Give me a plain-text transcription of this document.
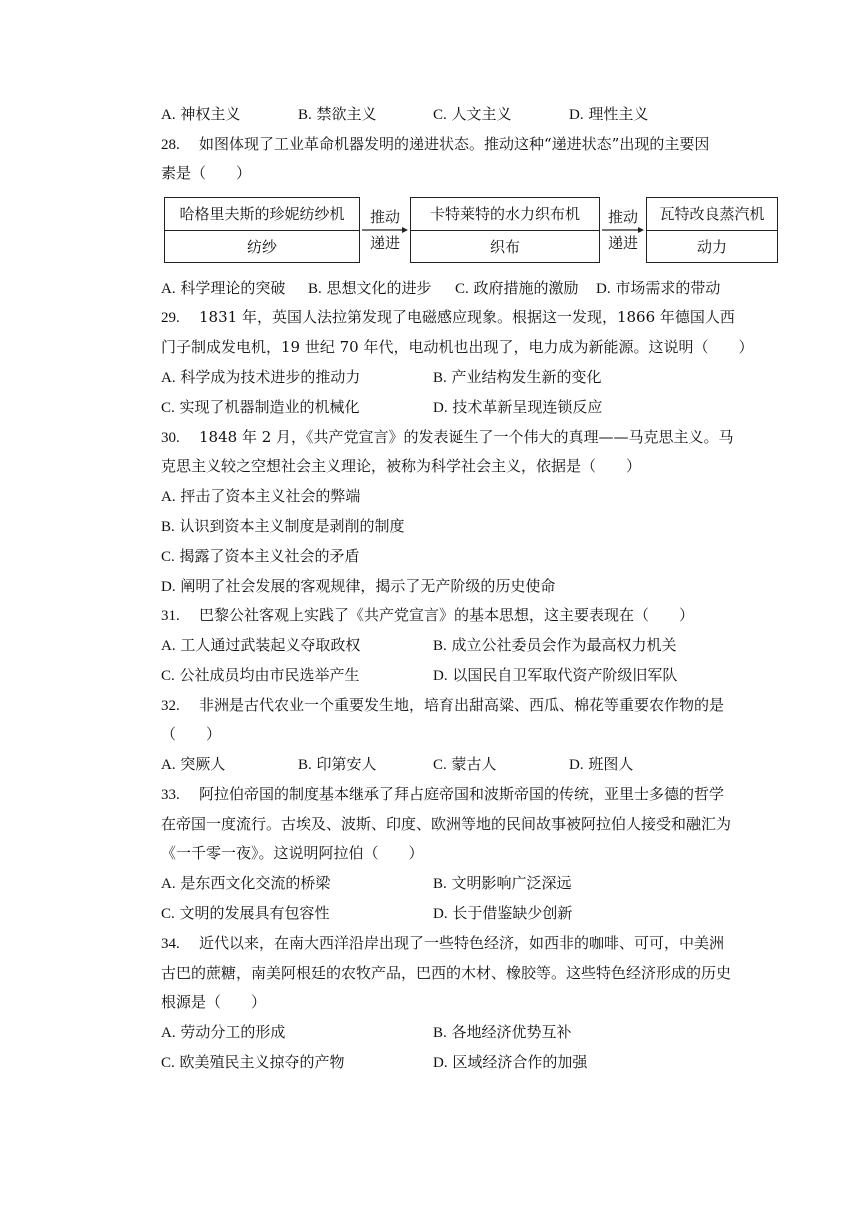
A. 神权主义	B. 禁欲主义	C. 人文主义	D. 理性主义
28. 如图体现了工业革命机器发明的递进状态。推动这种“递进状态”出现的主要因
素是（　　）
哈格里夫斯的珍妮纺纱机
纺纱
推动
递进
卡特莱特的水力织布机
织布
推动
递进
瓦特改良蒸汽机
动力
A. 科学理论的突破 B. 思想文化的进步 C. 政府措施的激励 D. 市场需求的带动
29. 1831 年，英国人法拉第发现了电磁感应现象。根据这一发现，1866 年德国人西
门子制成发电机，19 世纪 70 年代，电动机也出现了，电力成为新能源。这说明（　　）
A. 科学成为技术进步的推动力	B. 产业结构发生新的变化
C. 实现了机器制造业的机械化	D. 技术革新呈现连锁反应
30. 1848 年 2 月，《共产党宣言》的发表诞生了一个伟大的真理——马克思主义。马
克思主义较之空想社会主义理论，被称为科学社会主义，依据是（　　）
A. 抨击了资本主义社会的弊端
B. 认识到资本主义制度是剥削的制度
C. 揭露了资本主义社会的矛盾
D. 阐明了社会发展的客观规律，揭示了无产阶级的历史使命
31. 巴黎公社客观上实践了《共产党宣言》的基本思想，这主要表现在（　　）
A. 工人通过武装起义夺取政权	B. 成立公社委员会作为最高权力机关
C. 公社成员均由市民选举产生	D. 以国民自卫军取代资产阶级旧军队
32. 非洲是古代农业一个重要发生地，培育出甜高粱、西瓜、棉花等重要农作物的是
（　　）
A. 突厥人	B. 印第安人	C. 蒙古人	D. 班图人
33. 阿拉伯帝国的制度基本继承了拜占庭帝国和波斯帝国的传统，亚里士多德的哲学
在帝国一度流行。古埃及、波斯、印度、欧洲等地的民间故事被阿拉伯人接受和融汇为
《一千零一夜》。这说明阿拉伯（　　）
A. 是东西文化交流的桥梁	B. 文明影响广泛深远
C. 文明的发展具有包容性	D. 长于借鉴缺少创新
34. 近代以来，在南大西洋沿岸出现了一些特色经济，如西非的咖啡、可可，中美洲
古巴的蔗糖，南美阿根廷的农牧产品，巴西的木材、橡胶等。这些特色经济形成的历史
根源是（　　）
A. 劳动分工的形成	B. 各地经济优势互补
C. 欧美殖民主义掠夺的产物	D. 区域经济合作的加强
